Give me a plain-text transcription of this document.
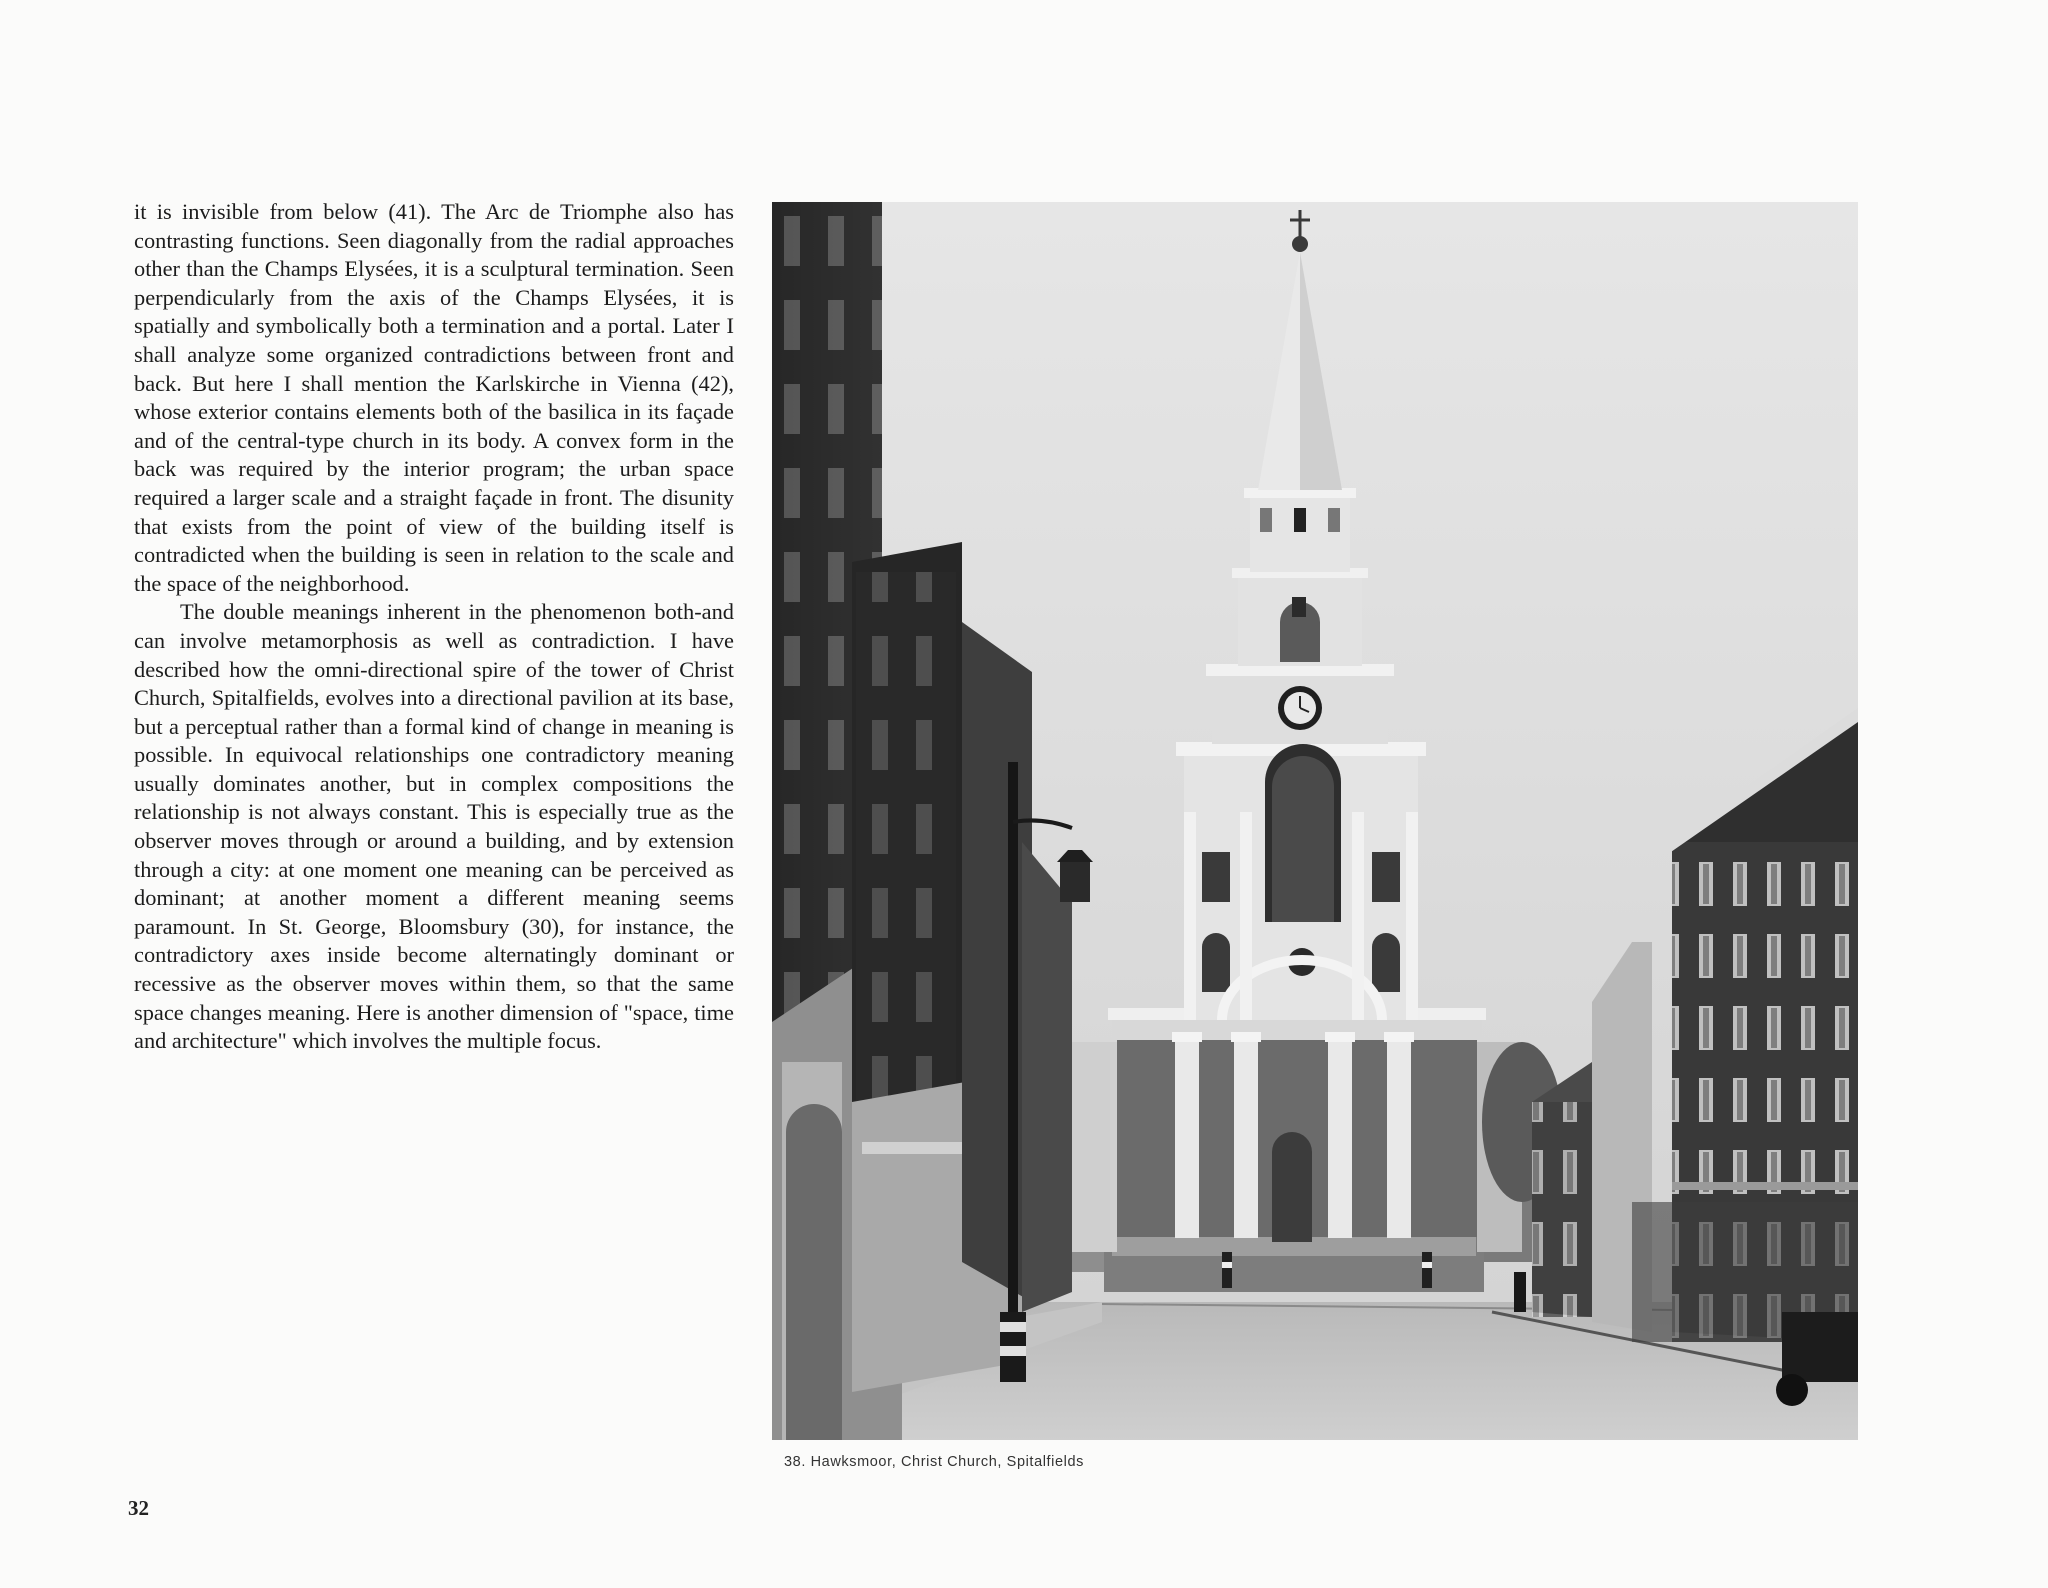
it is invisible from below (41). The Arc de Triomphe also has contrasting functions. Seen diagonally from the radial approaches other than the Champs Elysées, it is a sculptural termination. Seen perpendicularly from the axis of the Champs Elysées, it is spatially and symbolically both a termination and a portal. Later I shall analyze some organized contradictions between front and back. But here I shall mention the Karlskirche in Vienna (42), whose exterior contains elements both of the basilica in its façade and of the central-type church in its body. A convex form in the back was required by the interior program; the urban space required a larger scale and a straight façade in front. The disunity that exists from the point of view of the building itself is contradicted when the building is seen in relation to the scale and the space of the neighborhood.

The double meanings inherent in the phenomenon both-and can involve metamorphosis as well as contradiction. I have described how the omni-directional spire of the tower of Christ Church, Spitalfields, evolves into a directional pavilion at its base, but a perceptual rather than a formal kind of change in meaning is possible. In equivocal relationships one contradictory meaning usually dominates another, but in complex compositions the relationship is not always constant. This is especially true as the observer moves through or around a building, and by extension through a city: at one moment one meaning can be perceived as dominant; at another moment a different meaning seems paramount. In St. George, Bloomsbury (30), for instance, the contradictory axes inside become alternatingly dominant or recessive as the observer moves within them, so that the same space changes meaning. Here is another dimension of "space, time and architecture" which involves the multiple focus.

38. Hawksmoor, Christ Church, Spitalfields
32
